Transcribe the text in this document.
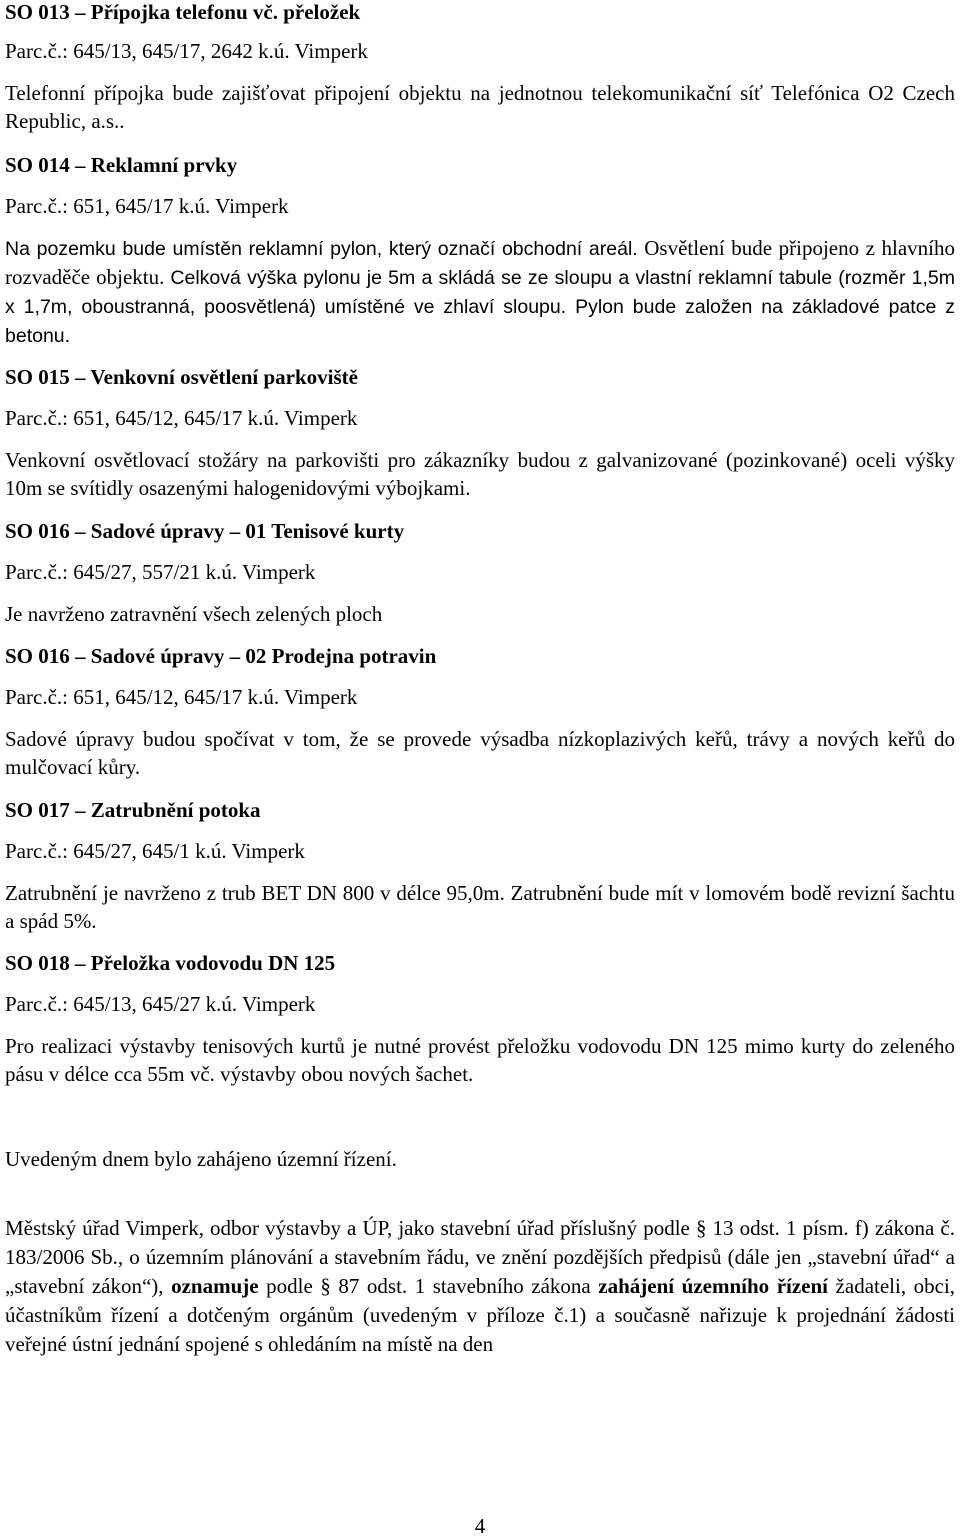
SO 013 – Přípojka telefonu vč. přeložek
Parc.č.: 645/13, 645/17, 2642 k.ú. Vimperk
Telefonní přípojka bude zajišťovat připojení objektu na jednotnou telekomunikační síť Telefónica O2 Czech Republic, a.s..
SO 014 – Reklamní prvky
Parc.č.: 651, 645/17 k.ú. Vimperk
Na pozemku bude umístěn reklamní pylon, který označí obchodní areál. Osvětlení bude připojeno z hlavního rozvaděče objektu. Celková výška pylonu je 5m a skládá se ze sloupu a vlastní reklamní tabule (rozměr 1,5m x 1,7m, oboustranná, poosvětlená) umístěné ve zhlaví sloupu. Pylon bude založen na základové patce z betonu.
SO 015 – Venkovní osvětlení parkoviště
Parc.č.: 651, 645/12, 645/17 k.ú. Vimperk
Venkovní osvětlovací stožáry na parkovišti pro zákazníky budou z galvanizované (pozinkované) oceli výšky 10m se svítidly osazenými halogenidovými výbojkami.
SO 016 – Sadové úpravy – 01 Tenisové kurty
Parc.č.: 645/27, 557/21 k.ú. Vimperk
Je navrženo zatravnění všech zelených ploch
SO 016 – Sadové úpravy – 02 Prodejna potravin
Parc.č.: 651, 645/12, 645/17 k.ú. Vimperk
Sadové úpravy budou spočívat v tom, že se provede výsadba nízkoplazivých keřů, trávy a nových keřů do mulčovací kůry.
SO 017 – Zatrubnění potoka
Parc.č.: 645/27, 645/1 k.ú. Vimperk
Zatrubnění je navrženo z trub BET DN 800 v délce 95,0m. Zatrubnění bude mít v lomovém bodě revizní šachtu a spád 5%.
SO 018 – Přeložka vodovodu DN 125
Parc.č.: 645/13, 645/27 k.ú. Vimperk
Pro realizaci výstavby tenisových kurtů je nutné provést přeložku vodovodu DN 125 mimo kurty do zeleného pásu v délce cca 55m vč. výstavby obou nových šachet.
Uvedeným dnem bylo zahájeno územní řízení.
Městský úřad Vimperk, odbor výstavby a ÚP, jako stavební úřad příslušný podle § 13 odst. 1 písm. f) zákona č. 183/2006 Sb., o územním plánování a stavebním řádu, ve znění pozdějších předpisů (dále jen „stavební úřad“ a „stavební zákon“), oznamuje podle § 87 odst. 1 stavebního zákona zahájení územního řízení žadateli, obci, účastníkům řízení a dotčeným orgánům (uvedeným v příloze č.1) a současně nařizuje k projednání žádosti veřejné ústní jednání spojené s ohledáním na místě na den
4
